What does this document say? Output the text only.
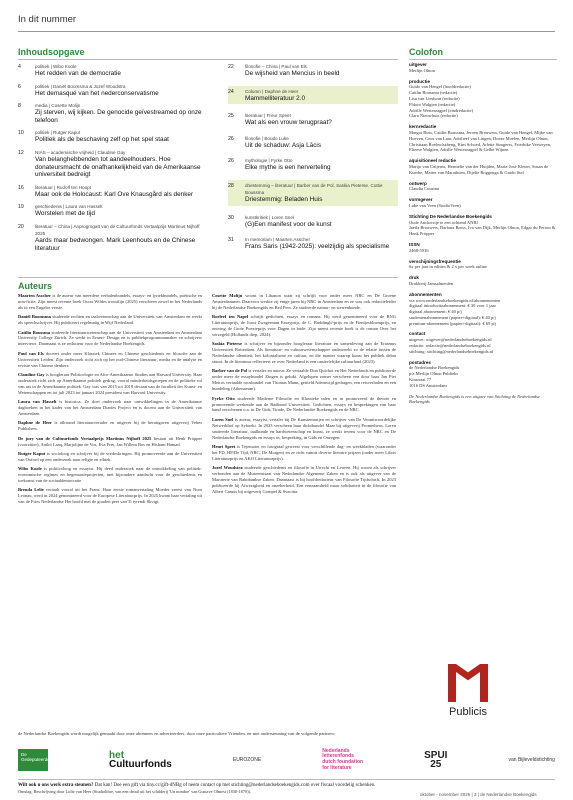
In dit nummer
Inhoudsopgave	Colofon
4	politiek | Wibo Koole
Het redden van de democratie
6	politiek | Daniël Boomsma & Jozef Woudstra
Het demasqué van het nederconservatisme
8	media | Cosette Molijn
Zij sterven, wij kijken. De genocide geïvestreamed op onze telefoon
10	politiek | Rutger Kaput
Politiek als de beschaving zelf op het spel staat
12	NIAS – academische vrijheid | Claudine Gay
Van belanghebbenden tot aandeelhouders. Hoe donateursmacht de onafhankelijkheid van de Amerikaanse universiteit bedreigt
16	literatuur | Rudolf ten Hoopt
Maar ook de Holocaust: Karl Ove Knausgård als denker
19	geschiedenis | Laura van Hasselt
Worstelen met de tijd
20	literatuur – China | Anprogrogatt van de Cultuurfonds Vertaalprijs Martinus Nijhoff 2025
Aards maar bedwongen. Mark Leenhouts en de Chinese literatuur
22	filosofie – China | Paul van Els
De wijsheid van Mencius in beeld
24	Column | Daphne de Heer
Mammelliteratuur 2.0
25	literatuur | Freur Speet
Wat als een vrouw terugpraat?
26	filosofie | Boudo Luke
Uit de schaduw: Asja Lācis
26	mythologie | Fyrke Otto
Elke mythe is een herverteling
28	driestemmig – literatuur | Barber van de Pol, Saskia Pieterse, Cottie Boussma
Driestemmig: Beladen Huis
30	kunstkritiek | Loren Snel
(G)Een manifest voor de kunst
31	In memoriam | Maarten Asscher
Frans Saris (1942-2025): veelzijdig als specialisme
Auteurs

Maarten Asscher is de auteur van meerdere verhalenbundels, essays- en lyriekbundels, poëtische en non-fictie. Zijn meest recente boek Oscar Wildes troostlijn (2025) verscheen zowel in het Nederlands als in een Engelse versie.

Daniël Boomsma studeerde rechten en taalwetenschap aan de Universiteit van Amsterdam en werkt als speechschrijver. Hij publiceert regelmatig in Wijf Nederland.

Caitlin Boussma studeerde literatuurwetenschap aan de Universiteit van Amsterdam en Amsterdam University College Zürich. Ze werkt in Ernest- Design en is publiekprogrammamaker en schrijvers interviewt. Daarnaast is ze redacteur voor de Nederlandse Boekengids.

Paul van Els doceert onder meer Klassiek Chinees en Chinese geschiedenis en filosofie aan de Universiteit Leiden. Zijn onderzoek richt zich op het oud-Chinese literatuur, media en de analyse en revisie van Chinese denkers.

Claudine Gay is hoogleraar Politicologie en Afro-Amerikaanse Studies aan Harvard University. Haar onderzoek richt zich op Amerikaanse politiek gedrag, vooral minderheidsgroepen en de politieke rol van ras in de Amerikaanse politiek. Gay was van 2015 tot 2018 decaan van de faculteit der Kunst- en Wetenschappen en tot juli 2023 tot januari 2024 president van Harvard University.

Laura van Hasselt is historica. Ze doet onderzoek naar ontwikkelingen in de Amerikaanse dagboeken in het kader van het Amsterdam Diaries Project en is docent aan de Universiteit van Amsterdam.

Daphne de Heer is allround literatuurvertaler en uitgever bij de heruitgaven uitgeverij Vebes Publishers.

De jury van de Cultuurfonds Vertaalprijs Martinus Nijhoff 2025 bestaat uit Henk Pröpper (voorzitter), Anikó Laaq, Marjolijne de Vos, Eva Fres, Jan Willem Bos en Hisham Hamad.

Rutger Kaput is socioloog en schrijver bij de vredeskringen. Hij promoveerde aan de Universiteit van Oxford op een onderzoek naar religie en ethiek.

Wibo Koole is politicoloog en essayist. Hij deed onderzoek naar de ontwikkeling van politiek-economische regimes en hegemonieprojecten, met bijzondere aandacht voor de geschiedenis en toekomst van de sociaaldemocratie.

Brenda Lelie vertaalt vooral uit het Frans. Haar eerste romanvertaling Moeder vreest van Nora Leonau, werd in 2024 genomineerd voor de Europese Literatuurprijs. In 2025 kwam haar vertaling uit van de Fries Nederlandse Het hoofd met de gouden peet van Ti tyrendi Skvigt.

Cosette Molijn woont in Libanon waar zij schrijft voor onder meer NRC en De Groene Amsterdammer. Daarvoor werkte zij enige jaren bij NRC in Amsterdam en ze was ook redactieleider bij de Nederlandse Boekengids en Bed Pers. Ze studeerde natuur- en sterrenkunde.

Roeleef ten Napel schrijft gedichten, essays en romans. Hij werd genomineerd voor de BNG Literatuurprijs, de Joost Zwagerman Essayprijs, de C. Buddingh'-prijs en de Fientjesbloemprijs, en ontving de Grote Poezieprijs voor Dagen in bude. Zijn meest recente boek is de roman Over het verzegeld (Hollands diep, 2024).

Saskia Pieterse is schrijver en bijzonder hoogleraar literatuur en samenleving aan de Erasmus Universiteit Rotterdam. Als literatuur- en cultuurwetenschapper onderzoekt zo de relatie tussen de Nederlandse identiteit, het kolonialisme en cultuur, en die manier waarop kunst het publiek debat stuurt. In de literatuur reflecteert ze over Nederland is een onsterfelijke cultuurland (2023).

Barber van de Pol is vertaler en auteur. Ze vertaalde Don Quichot en Het Nederlands en publiceerde onder meer de essaybundel Zingen is gelukt. Afgelopen zomer verscheen een door haar Jan Piet Meiros vertaalde roosbundel van Thomas Mann, getiteld Ademwijd gedragen, een reisverhalen en een bundeling (Athenaeum).

Fyrke Otto studeerde Moderne Filosofie en Klassieke talen en in promoveerd de theorie en promovende werkende aan de Radboud Universiteit. Gedichten, essays en besprekingen van haar hand verschenen o.a. in De Gids, Tirade, De Nederlandse Boekengids en de NRC.

Loren Snel is auteur, essayist, vertaler bij De Kunstemarijen en schrijver van De Verantwoordelijke Netwerkhof op Syboeki. In 2023 verscheen haar dichtbundel Maar bij uitgeverij Prometheus. Loren studeerde literatuur, taalkunde en hardwetenschap en kunst, ze werkt tevens voor de NRC en De Nederlandse Boekengids en essays in, bespreking, in Gids en Onzegen.

Henri Speet is Tejemoter en fotograaf geweest voor verschillende dag- en weekbladen (waaronder het FD, HP/De Tijd, NRC, De Morgen) en ze richt vanuit diverse literaire prijzen (onder meer Libris Literatuurprijs en AKO Literatuurprijs).

Jozef Woudstra studeerde geschiedenis en filosofie in Utrecht en Leuven. Hij woont als schrijver verbonden aan de Museenstraat van Nederlandse Algemene Zaken en is ook als uitgever van de Maruterie van Rabobankse Zaken. Daarnaast is hij hoofdredacteur van Filosofie Tijdschrift. In 2023 publiceerde hij Afwezigheid en onzekerheid, Een eenzaamheid maar solidariteit in de filosofie van Albert Camus bij uitgeverij Gompel & Svacina.

uitgever
Merlijn Olnon
productie
Guido van Hengel (hoofdredactie)
Caitlin Boussma (redactie)
Lisa van Lieshout (redactie)
Fhloor Walgien (redactie)
Adrille Westerzagpel (eindredactie)
Clara Nieuwhuis (redactie)
kernredactie
Margot Buss, Caitlin Boussma, Jeroen Brouwers, Guido van Hengel, Mijke van Hoeven, Ceus van Laar, Adrilieef van Lingen, Doeze Moelen, Merlijn Olnon, Christiaan Roeleofszheng, Kim Schoed, Arlette Simgerss, Friedrike Verweyen, Elieese Walgien, Adrille Westerzagpel & Gelke Wijnen
aquisitioneel redactie
Marijo van Cuijerns, Hermelie van der Huijden, Maria-José Kleuer, Susan de Kuerbe, Maiter van Marathuen, Dijelie Roggenga & Guido Stel
ontwerp
Claudia Cousina
vormgever
Luke van Veen (StudioVeen)
Stichting De Nederlandse Boekengids
Oude Anckerrije te een ochtend ANBI
Jaetla Brouwers, Barbara Bross, Ivo van Dijk, Merlijn Olnon, Edgar du Perron & Henk Pröpper
ISSN
2468-5916
verschijningsfrequentie
6x per jaar in edities & 2 x per week online
druk
Drukkerij Jamsalmeulen
abonnementen
via www.nederlandseboekengids.nl/abonnementen
digitaal introductieabonnement: € 30 voor 1 jaar
digitaal abonnement: € 40 p/j
studentenabonnement (papier+digitaal): € 40 p/j
premium-abonnement (papier+digitaal): € 69 p/j
contact
uitgever: uitgever@nederlandseboekengids.nl
redactie: redactie@nederlandseboekengids.nl
stichting: stichting@nederlandseboekengids.nl
postadres
de Nederlandse Boekengids
p/a Merlijn Olnon Publieks
Kinstraat 77
1016 DS Amsterdam
De Nederlandse Boekengids is een uitgave van Stichting de Nederlandse Boekengids
Publicis
de Nederlandse Boekengids wordt mogelijk gemaakt door onze abonnees en adverteerders, door onze particuliere Vrienden, en met ondersteuning van de volgende partners:
De Gedeputeerde	het

Cultuurfonds	EUROZONE
Nederlands
letterenfonds
dutch foundation
for literature
SPUI
25	van Bijleveldstichting
Wilt ook u ons werk extra steunen? Dat kan! Doe een gift via tiny.cc/gift-dNBg of neem contact op met stichting@nederlandseboekengids.com over fiscaal voordelig schenken.
Omslag: Beschrijving door Lidie van Heer (Studiolibre, van een detail uit het schilderij 'Un nombre' van Gustave Olmest (1830-1870)).
oktober - november 2025 | 3 | de Nederlandse Boekengids
